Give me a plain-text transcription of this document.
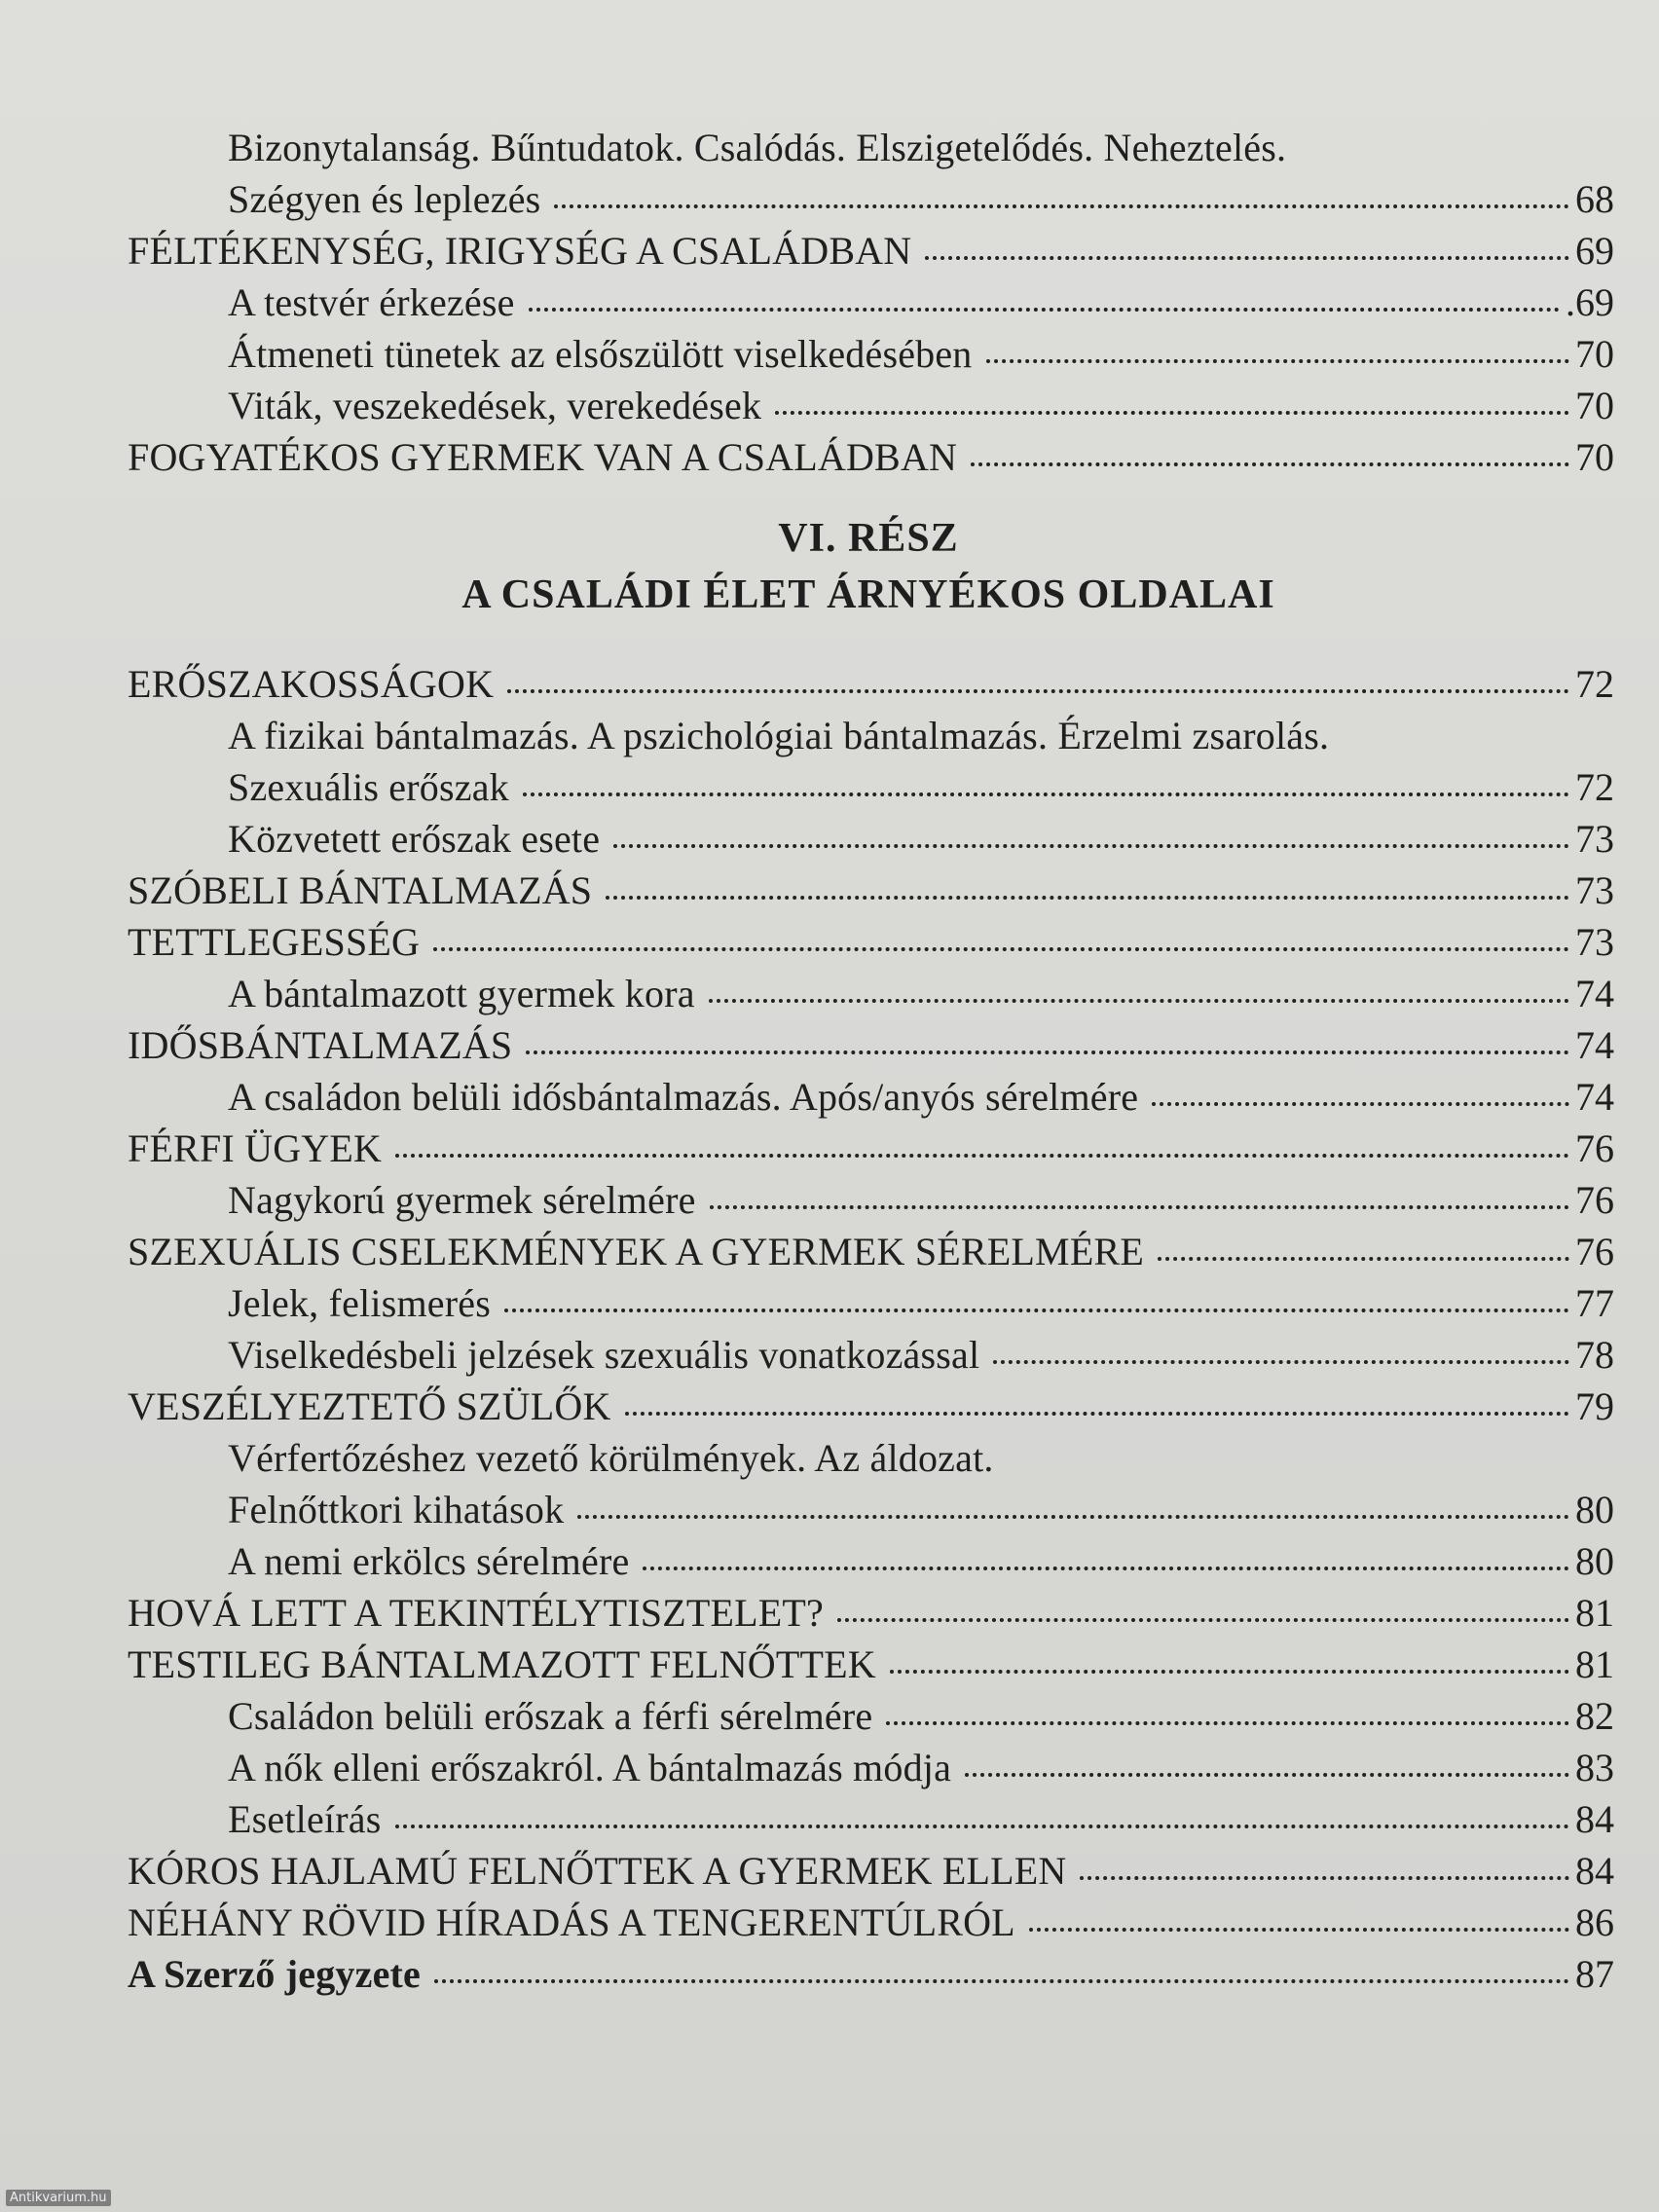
Bizonytalanság. Bűntudatok. Csalódás. Elszigetelődés. Neheztelés.
Szégyen és leplezés	68
FÉLTÉKENYSÉG, IRIGYSÉG A CSALÁDBAN	69
A testvér érkezése	.69
Átmeneti tünetek az elsőszülött viselkedésében	70
Viták, veszekedések, verekedések	70
FOGYATÉKOS GYERMEK VAN A CSALÁDBAN	70
VI. RÉSZ
A CSALÁDI ÉLET ÁRNYÉKOS OLDALAI
ERŐSZAKOSSÁGOK	72
A fizikai bántalmazás. A pszichológiai bántalmazás. Érzelmi zsarolás.
Szexuális erőszak	72
Közvetett erőszak esete	73
SZÓBELI BÁNTALMAZÁS	73
TETTLEGESSÉG	73
A bántalmazott gyermek kora	74
IDŐSBÁNTALMAZÁS	74
A családon belüli idősbántalmazás. Após/anyós sérelmére	74
FÉRFI ÜGYEK	76
Nagykorú gyermek sérelmére	76
SZEXUÁLIS CSELEKMÉNYEK A GYERMEK SÉRELMÉRE	76
Jelek, felismerés	77
Viselkedésbeli jelzések szexuális vonatkozással	78
VESZÉLYEZTETŐ SZÜLŐK	79
Vérfertőzéshez vezető körülmények. Az áldozat.
Felnőttkori kihatások	80
A nemi erkölcs sérelmére	80
HOVÁ LETT A TEKINTÉLYTISZTELET?	81
TESTILEG BÁNTALMAZOTT FELNŐTTEK	81
Családon belüli erőszak a férfi sérelmére	82
A nők elleni erőszakról. A bántalmazás módja	83
Esetleírás	84
KÓROS HAJLAMÚ FELNŐTTEK A GYERMEK ELLEN	84
NÉHÁNY RÖVID HÍRADÁS A TENGERENTÚLRÓL	86
A Szerző jegyzete	87
Antikvarium.hu
